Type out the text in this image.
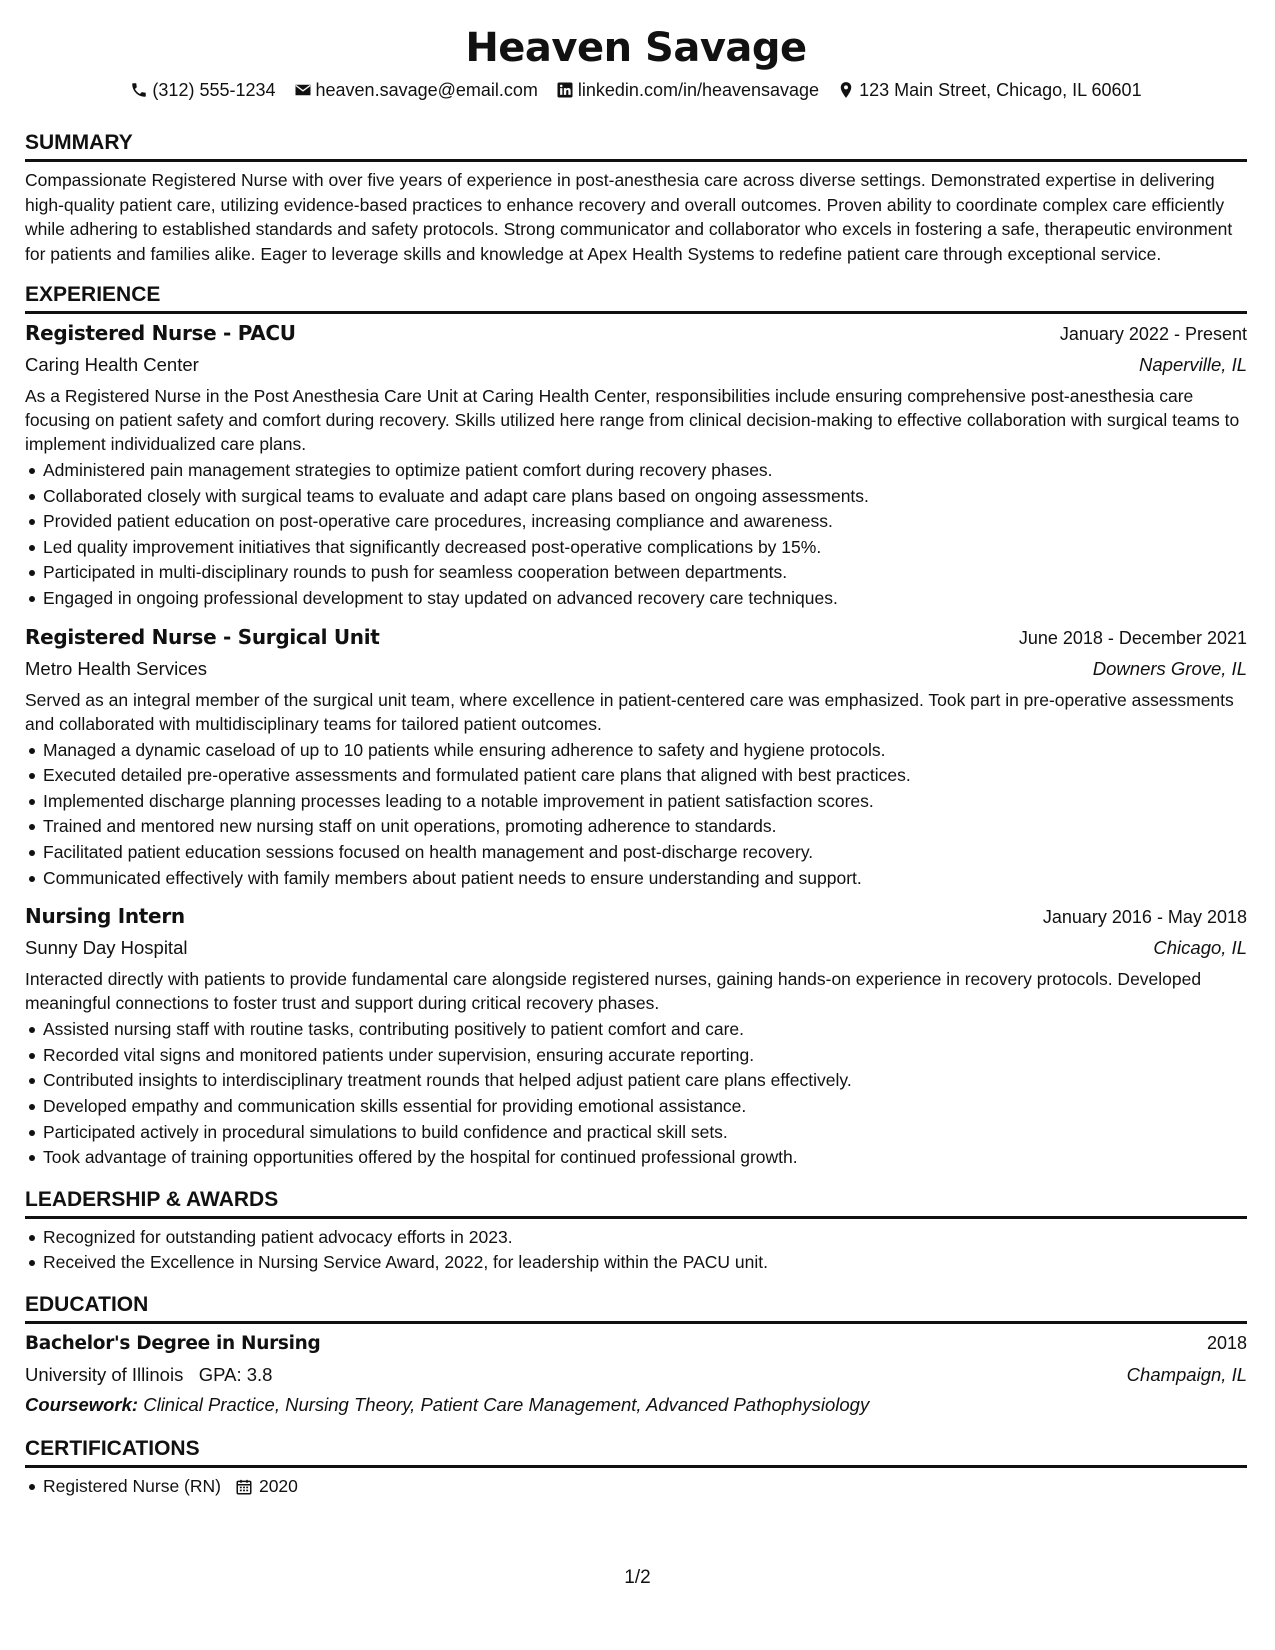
Heaven Savage
(312) 555-1234 heaven.savage@email.com linkedin.com/in/heavensavage 123 Main Street, Chicago, IL 60601
SUMMARY
Compassionate Registered Nurse with over five years of experience in post-anesthesia care across diverse settings. Demonstrated expertise in delivering high-quality patient care, utilizing evidence-based practices to enhance recovery and overall outcomes. Proven ability to coordinate complex care efficiently while adhering to established standards and safety protocols. Strong communicator and collaborator who excels in fostering a safe, therapeutic environment for patients and families alike. Eager to leverage skills and knowledge at Apex Health Systems to redefine patient care through exceptional service.
EXPERIENCE
Registered Nurse - PACU	January 2022 - Present
Caring Health Center	Naperville, IL
As a Registered Nurse in the Post Anesthesia Care Unit at Caring Health Center, responsibilities include ensuring comprehensive post-anesthesia care focusing on patient safety and comfort during recovery. Skills utilized here range from clinical decision-making to effective collaboration with surgical teams to implement individualized care plans.
Administered pain management strategies to optimize patient comfort during recovery phases.
Collaborated closely with surgical teams to evaluate and adapt care plans based on ongoing assessments.
Provided patient education on post-operative care procedures, increasing compliance and awareness.
Led quality improvement initiatives that significantly decreased post-operative complications by 15%.
Participated in multi-disciplinary rounds to push for seamless cooperation between departments.
Engaged in ongoing professional development to stay updated on advanced recovery care techniques.
Registered Nurse - Surgical Unit	June 2018 - December 2021
Metro Health Services	Downers Grove, IL
Served as an integral member of the surgical unit team, where excellence in patient-centered care was emphasized. Took part in pre-operative assessments and collaborated with multidisciplinary teams for tailored patient outcomes.
Managed a dynamic caseload of up to 10 patients while ensuring adherence to safety and hygiene protocols.
Executed detailed pre-operative assessments and formulated patient care plans that aligned with best practices.
Implemented discharge planning processes leading to a notable improvement in patient satisfaction scores.
Trained and mentored new nursing staff on unit operations, promoting adherence to standards.
Facilitated patient education sessions focused on health management and post-discharge recovery.
Communicated effectively with family members about patient needs to ensure understanding and support.
Nursing Intern	January 2016 - May 2018
Sunny Day Hospital	Chicago, IL
Interacted directly with patients to provide fundamental care alongside registered nurses, gaining hands-on experience in recovery protocols. Developed meaningful connections to foster trust and support during critical recovery phases.
Assisted nursing staff with routine tasks, contributing positively to patient comfort and care.
Recorded vital signs and monitored patients under supervision, ensuring accurate reporting.
Contributed insights to interdisciplinary treatment rounds that helped adjust patient care plans effectively.
Developed empathy and communication skills essential for providing emotional assistance.
Participated actively in procedural simulations to build confidence and practical skill sets.
Took advantage of training opportunities offered by the hospital for continued professional growth.
LEADERSHIP & AWARDS
Recognized for outstanding patient advocacy efforts in 2023.
Received the Excellence in Nursing Service Award, 2022, for leadership within the PACU unit.
EDUCATION
Bachelor's Degree in Nursing	2018
University of Illinois GPA: 3.8	Champaign, IL
Coursework: Clinical Practice, Nursing Theory, Patient Care Management, Advanced Pathophysiology
CERTIFICATIONS
Registered Nurse (RN) 2020
1/2
